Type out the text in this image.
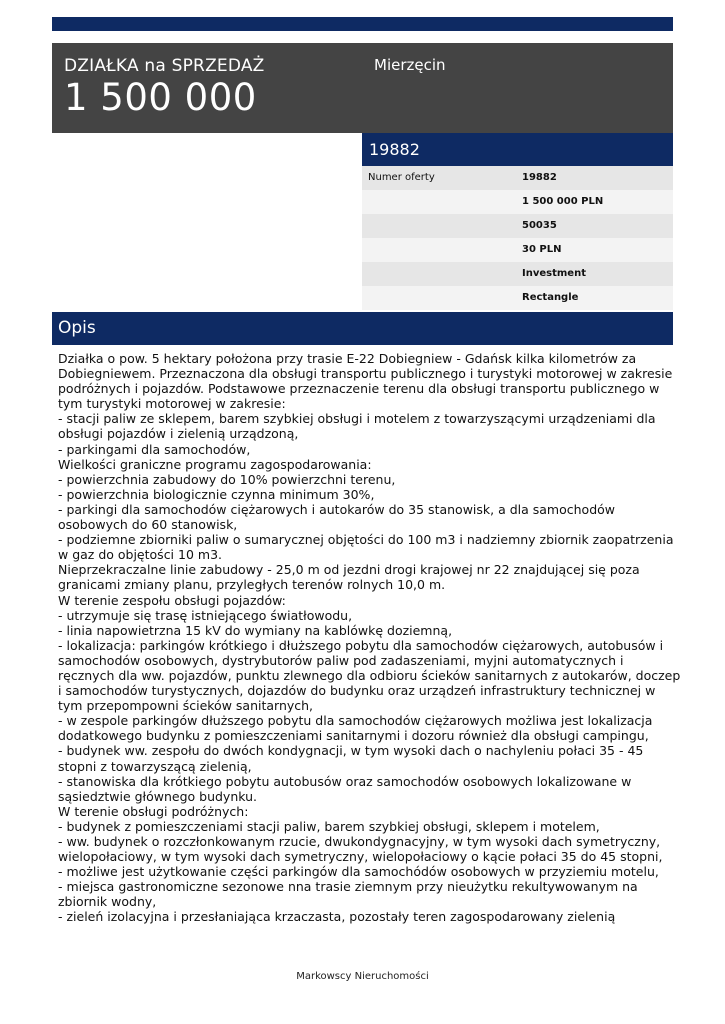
DZIAŁKA na SPRZEDAŻ
1 500 000
Mierzęcin
19882
Numer oferty	19882
1 500 000 PLN
50035
30 PLN
Investment
Rectangle
Opis

Działka o pow. 5 hektary położona przy trasie E-22 Dobiegniew - Gdańsk kilka kilometrów za

Dobiegniewem. Przeznaczona dla obsługi transportu publicznego i turystyki motorowej w zakresie

podróżnych i pojazdów. Podstawowe przeznaczenie terenu dla obsługi transportu publicznego w

tym turystyki motorowej w zakresie:

- stacji paliw ze sklepem, barem szybkiej obsługi i motelem z towarzyszącymi urządzeniami dla

obsługi pojazdów i zielenią urządzoną,

- parkingami dla samochodów,

Wielkości graniczne programu zagospodarowania:

- powierzchnia zabudowy do 10% powierzchni terenu,

- powierzchnia biologicznie czynna minimum 30%,

- parkingi dla samochodów ciężarowych i autokarów do 35 stanowisk, a dla samochodów

osobowych do 60 stanowisk,

- podziemne zbiorniki paliw o sumarycznej objętości do 100 m3 i nadziemny zbiornik zaopatrzenia

w gaz do objętości 10 m3.

Nieprzekraczalne linie zabudowy - 25,0 m od jezdni drogi krajowej nr 22 znajdującej się poza

granicami zmiany planu, przyległych terenów rolnych 10,0 m.

W terenie zespołu obsługi pojazdów:

- utrzymuje się trasę istniejącego światłowodu,

- linia napowietrzna 15 kV do wymiany na kablówkę doziemną,

- lokalizacja: parkingów krótkiego i dłuższego pobytu dla samochodów ciężarowych, autobusów i

samochodów osobowych, dystrybutorów paliw pod zadaszeniami, myjni automatycznych i

ręcznych dla ww. pojazdów, punktu zlewnego dla odbioru ścieków sanitarnych z autokarów, doczep

i samochodów turystycznych, dojazdów do budynku oraz urządzeń infrastruktury technicznej w

tym przepompowni ścieków sanitarnych,

- w zespole parkingów dłuższego pobytu dla samochodów ciężarowych możliwa jest lokalizacja

dodatkowego budynku z pomieszczeniami sanitarnymi i dozoru również dla obsługi campingu,

- budynek ww. zespołu do dwóch kondygnacji, w tym wysoki dach o nachyleniu połaci 35 - 45

stopni z towarzyszącą zielenią,

- stanowiska dla krótkiego pobytu autobusów oraz samochodów osobowych lokalizowane w

sąsiedztwie głównego budynku.

W terenie obsługi podróżnych:

- budynek z pomieszczeniami stacji paliw, barem szybkiej obsługi, sklepem i motelem,

- ww. budynek o rozczłonkowanym rzucie, dwukondygnacyjny, w tym wysoki dach symetryczny,

wielopołaciowy, w tym wysoki dach symetryczny, wielopołaciowy o kącie połaci 35 do 45 stopni,

- możliwe jest użytkowanie części parkingów dla samochódów osobowych w przyziemiu motelu,

- miejsca gastronomiczne sezonowe nna trasie ziemnym przy nieużytku rekultywowanym na

zbiornik wodny,

- zieleń izolacyjna i przesłaniająca krzaczasta, pozostały teren zagospodarowany zielenią

Markowscy Nieruchomości
